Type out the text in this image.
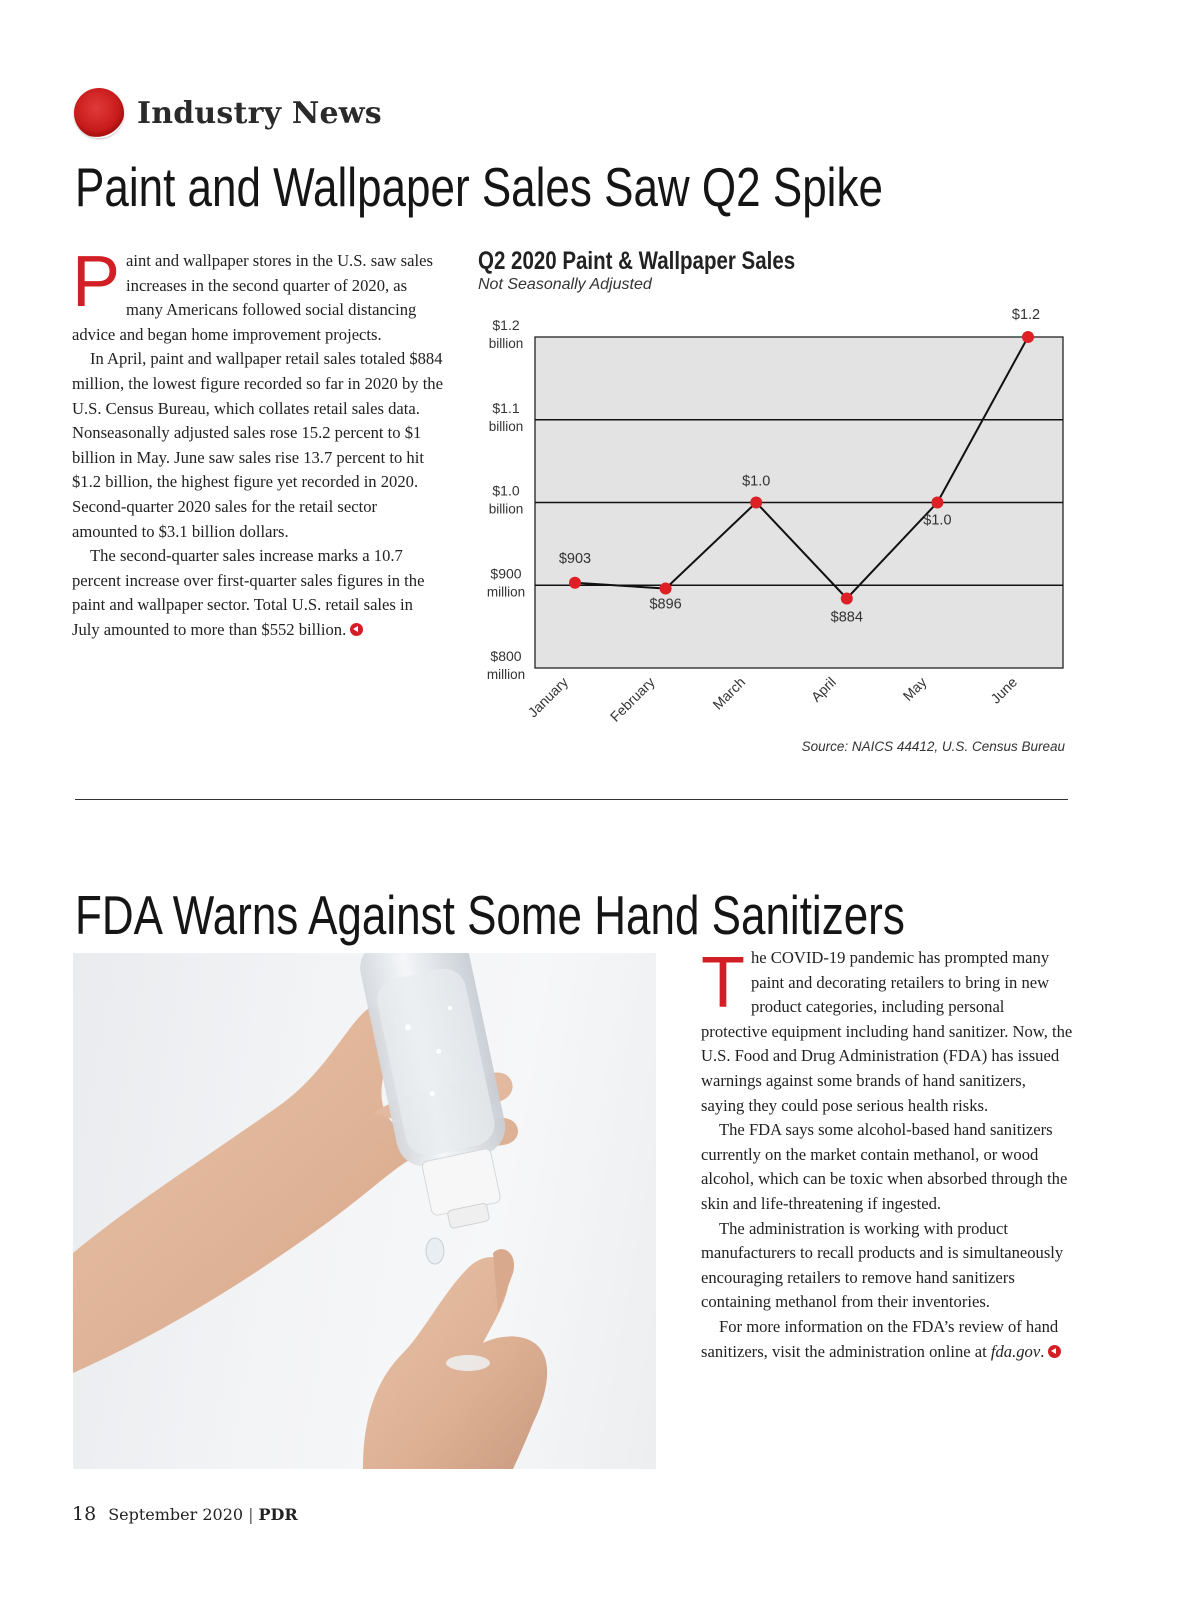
Industry News
Paint and Wallpaper Sales Saw Q2 Spike

Paint and wallpaper stores in the U.S. saw sales increases in the second quarter of 2020, as many Americans followed social distancing advice and began home improvement projects.

In April, paint and wallpaper retail sales totaled $884 million, the lowest figure recorded so far in 2020 by the U.S. Census Bureau, which collates retail sales data. Nonseasonally adjusted sales rose 15.2 percent to $1 billion in May. June saw sales rise 13.7 percent to hit $1.2 billion, the highest figure yet recorded in 2020. Second-quarter 2020 sales for the retail sector amounted to $3.1 billion dollars.

The second-quarter sales increase marks a 10.7 percent increase over first-quarter sales figures in the paint and wallpaper sector. Total U.S. retail sales in July amounted to more than $552 billion.

Q2 2020 Paint & Wallpaper Sales
Not Seasonally Adjusted
$1.2
billion
$1.1
billion
$1.0
billion
$900
million
$800
million
$903
$896
$1.0
$884
$1.0
$1.2
January	February	March	April	May	June
Source: NAICS 44412, U.S. Census Bureau
FDA Warns Against Some Hand Sanitizers

The COVID-19 pandemic has prompted many paint and decorating retailers to bring in new product categories, including personal protective equipment including hand sanitizer. Now, the U.S. Food and Drug Administration (FDA) has issued warnings against some brands of hand sanitizers, saying they could pose serious health risks.

The FDA says some alcohol-based hand sanitizers currently on the market contain methanol, or wood alcohol, which can be toxic when absorbed through the skin and life-threatening if ingested.

The administration is working with product manufacturers to recall products and is simultaneously encouraging retailers to remove hand sanitizers containing methanol from their inventories.

For more information on the FDA’s review of hand sanitizers, visit the administration online at fda.gov.

18 September 2020 | PDR
